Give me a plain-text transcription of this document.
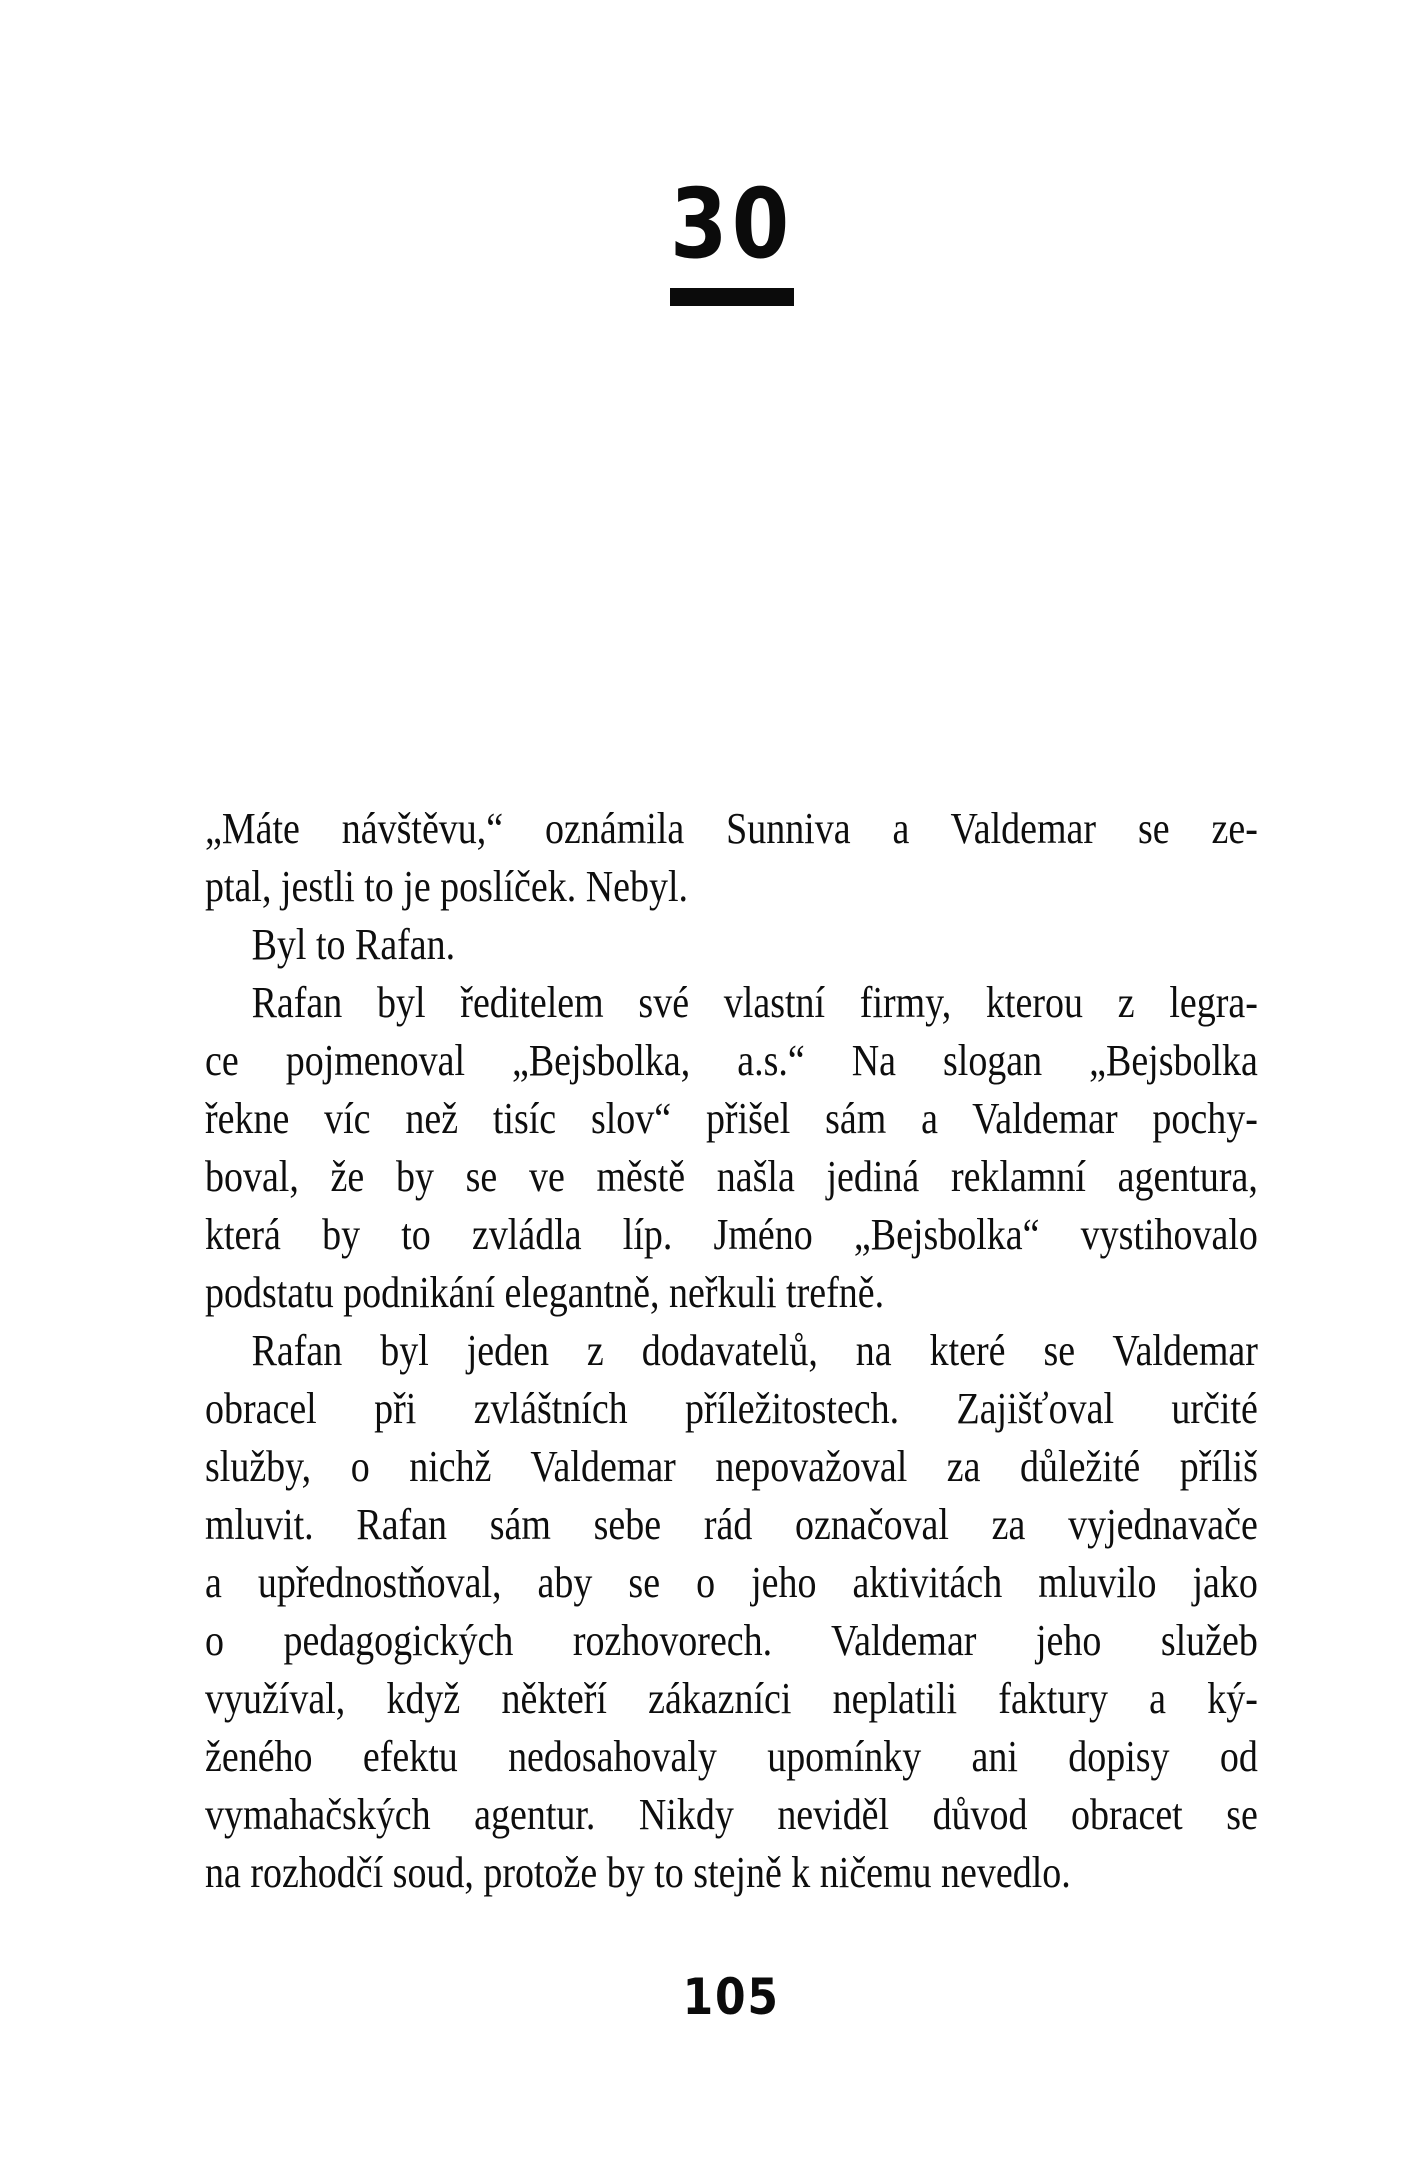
30
„Máte návštěvu,“ oznámila Sunniva a Valdemar se ze-
ptal, jestli to je poslíček. Nebyl.
Byl to Rafan.
Rafan byl ředitelem své vlastní firmy, kterou z legra-
ce pojmenoval „Bejsbolka, a.s.“ Na slogan „Bejsbolka
řekne víc než tisíc slov“ přišel sám a Valdemar pochy-
boval, že by se ve městě našla jediná reklamní agentura,
která by to zvládla líp. Jméno „Bejsbolka“ vystihovalo
podstatu podnikání elegantně, neřkuli trefně.
Rafan byl jeden z dodavatelů, na které se Valdemar
obracel při zvláštních příležitostech. Zajišťoval určité
služby, o nichž Valdemar nepovažoval za důležité příliš
mluvit. Rafan sám sebe rád označoval za vyjednavače
a upřednostňoval, aby se o jeho aktivitách mluvilo jako
o pedagogických rozhovorech. Valdemar jeho služeb
využíval, když někteří zákazníci neplatili faktury a ký-
ženého efektu nedosahovaly upomínky ani dopisy od
vymahačských agentur. Nikdy neviděl důvod obracet se
na rozhodčí soud, protože by to stejně k ničemu nevedlo.
105
